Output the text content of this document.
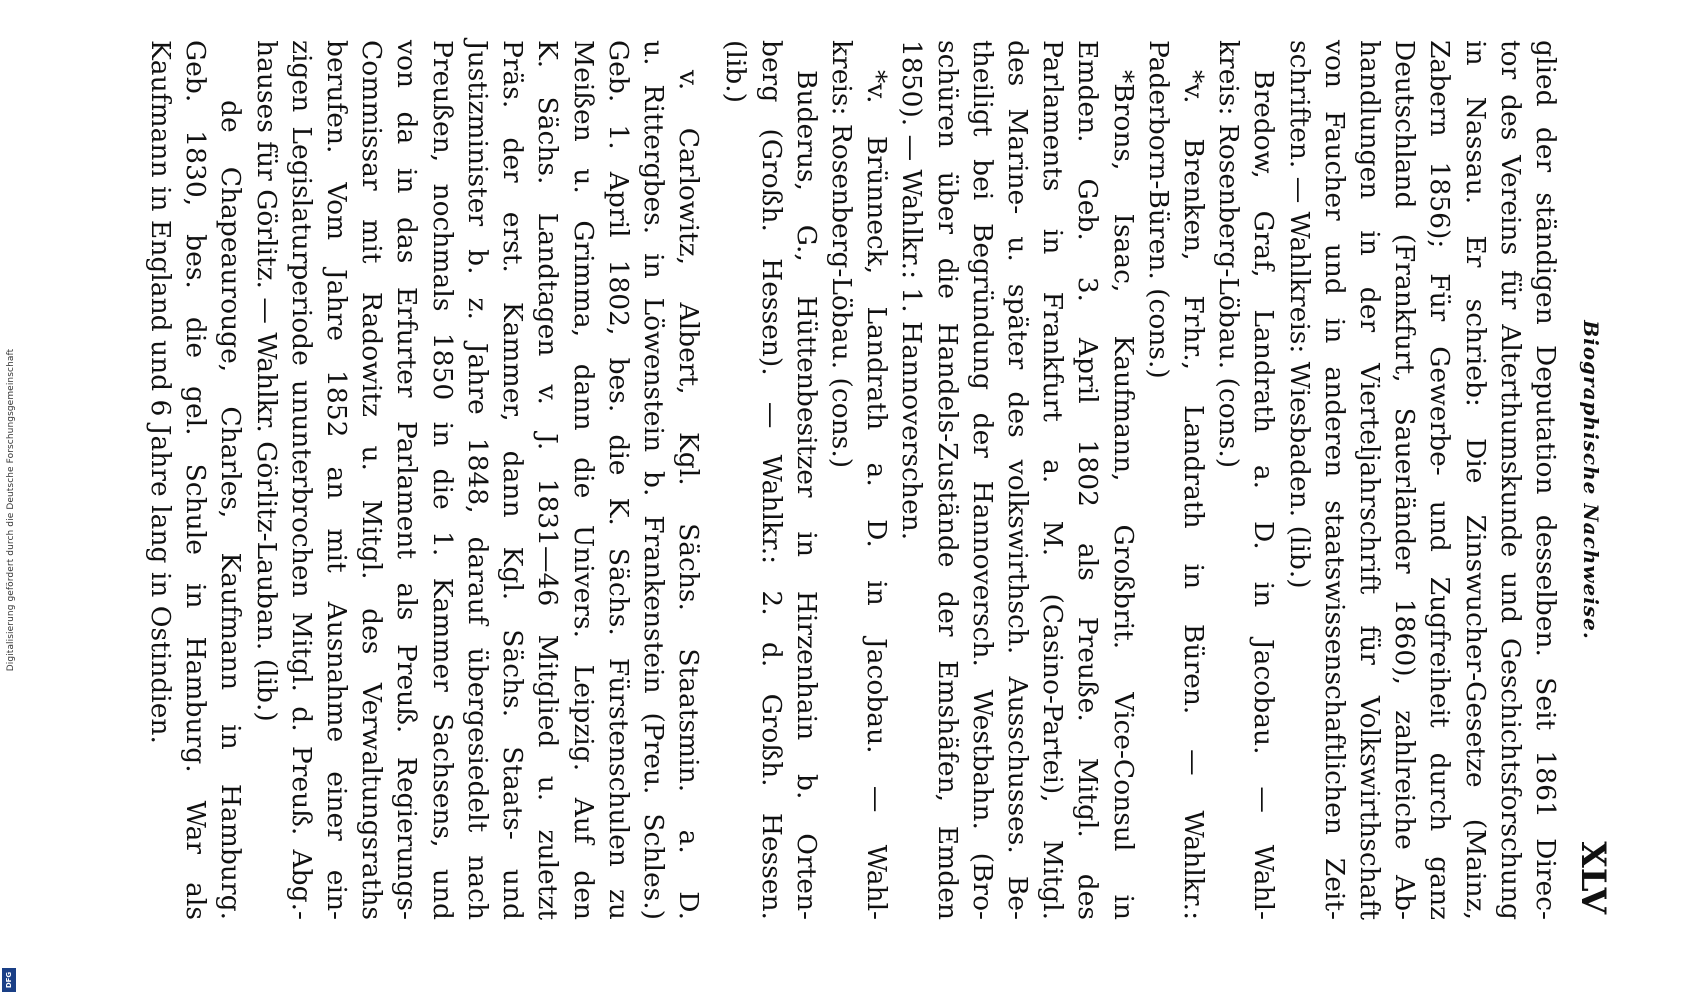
Digitalisierung gefördert durch die Deutsche Forschungsgemeinschaft
DFG
Biographische Nachweise.
XLV
glied der ständigen Deputation desselben. Seit 1861 Direc-
tor des Vereins für Alterthumskunde und Geschichtsforschung
in Nassau. Er schrieb: Die Zinswucher-Gesetze (Mainz,
Zabern 1856); Für Gewerbe- und Zugfreiheit durch ganz
Deutschland (Frankfurt, Sauerländer 1860), zahlreiche Ab-
handlungen in der Vierteljahrschrift für Volkswirthschaft
von Faucher und in anderen staatswissenschaftlichen Zeit-
schriften. — Wahlkreis: Wiesbaden. (lib.)
Bredow, Graf, Landrath a. D. in Jacobau. — Wahl-
kreis: Rosenberg-Löbau. (cons.)
*v. Brenken, Frhr., Landrath in Büren. — Wahlkr.:
Paderborn-Büren. (cons.)
*Brons, Isaac, Kaufmann, Großbrit. Vice-Consul in
Emden. Geb. 3. April 1802 als Preuße. Mitgl. des
Parlaments in Frankfurt a. M. (Casino-Partei), Mitgl.
des Marine- u. später des volkswirthsch. Ausschusses. Be-
theiligt bei Begründung der Hannoversch. Westbahn. (Bro-
schüren über die Handels-Zustände der Emshäfen, Emden
1850). — Wahlkr.: 1. Hannoverschen.
*v. Brünneck, Landrath a. D. in Jacobau. — Wahl-
kreis: Rosenberg-Löbau. (cons.)
Buderus, G., Hüttenbesitzer in Hirzenhain b. Orten-
berg (Großh. Hessen). — Wahlkr.: 2. d. Großh. Hessen.
(lib.)
v. Carlowitz, Albert, Kgl. Sächs. Staatsmin. a. D.
u. Rittergbes. in Löwenstein b. Frankenstein (Preu. Schles.)
Geb. 1. April 1802, bes. die K. Sächs. Fürstenschulen zu
Meißen u. Grimma, dann die Univers. Leipzig. Auf den
K. Sächs. Landtagen v. J. 1831—46 Mitglied u. zuletzt
Präs. der erst. Kammer, dann Kgl. Sächs. Staats- und
Justizminister b. z. Jahre 1848, darauf übergesiedelt nach
Preußen, nochmals 1850 in die 1. Kammer Sachsens, und
von da in das Erfurter Parlament als Preuß. Regierungs-
Commissar mit Radowitz u. Mitgl. des Verwaltungsraths
berufen. Vom Jahre 1852 an mit Ausnahme einer ein-
zigen Legislaturperiode ununterbrochen Mitgl. d. Preuß. Abg.-
hauses für Görlitz. — Wahlkr. Görlitz-Lauban. (lib.)
de Chapeaurouge, Charles, Kaufmann in Hamburg.
Geb. 1830, bes. die gel. Schule in Hamburg. War als
Kaufmann in England und 6 Jahre lang in Ostindien.
